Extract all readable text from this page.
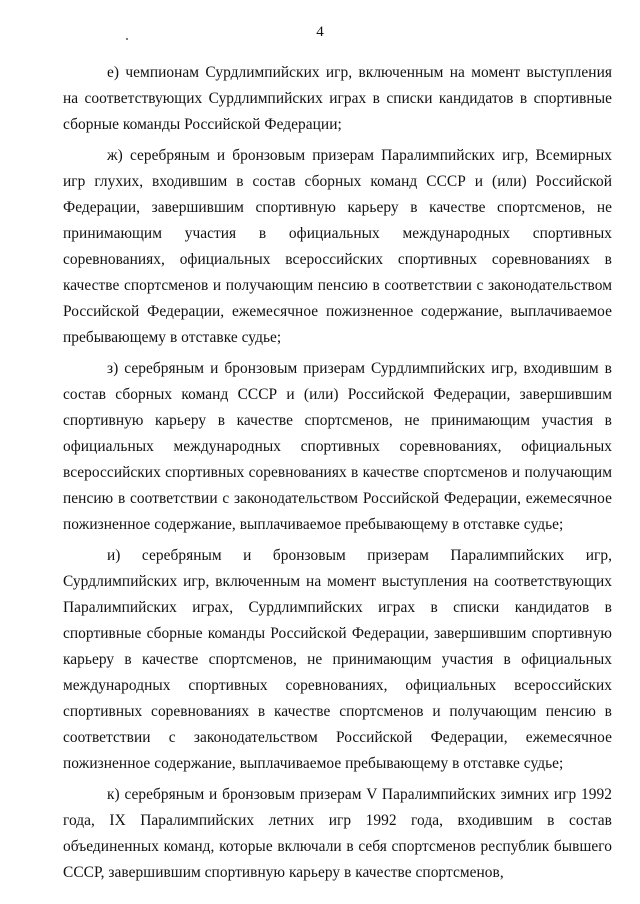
4

е) чемпионам Сурдлимпийских игр, включенным на момент выступления на соответствующих Сурдлимпийских играх в списки кандидатов в спортивные сборные команды Российской Федерации;

ж) серебряным и бронзовым призерам Паралимпийских игр, Всемирных игр глухих, входившим в состав сборных команд СССР и (или) Российской Федерации, завершившим спортивную карьеру в качестве спортсменов, не принимающим участия в официальных международных спортивных соревнованиях, официальных всероссийских спортивных соревнованиях в качестве спортсменов и получающим пенсию в соответствии с законодательством Российской Федерации, ежемесячное пожизненное содержание, выплачиваемое пребывающему в отставке судье;

з) серебряным и бронзовым призерам Сурдлимпийских игр, входившим в состав сборных команд СССР и (или) Российской Федерации, завершившим спортивную карьеру в качестве спортсменов, не принимающим участия в официальных международных спортивных соревнованиях, официальных всероссийских спортивных соревнованиях в качестве спортсменов и получающим пенсию в соответствии с законодательством Российской Федерации, ежемесячное пожизненное содержание, выплачиваемое пребывающему в отставке судье;

и) серебряным и бронзовым призерам Паралимпийских игр, Сурдлимпийских игр, включенным на момент выступления на соответствующих Паралимпийских играх, Сурдлимпийских играх в списки кандидатов в спортивные сборные команды Российской Федерации, завершившим спортивную карьеру в качестве спортсменов, не принимающим участия в официальных международных спортивных соревнованиях, официальных всероссийских спортивных соревнованиях в качестве спортсменов и получающим пенсию в соответствии с законодательством Российской Федерации, ежемесячное пожизненное содержание, выплачиваемое пребывающему в отставке судье;

к) серебряным и бронзовым призерам V Паралимпийских зимних игр 1992 года, IX Паралимпийских летних игр 1992 года, входившим в состав объединенных команд, которые включали в себя спортсменов республик бывшего СССР, завершившим спортивную карьеру в качестве спортсменов,
